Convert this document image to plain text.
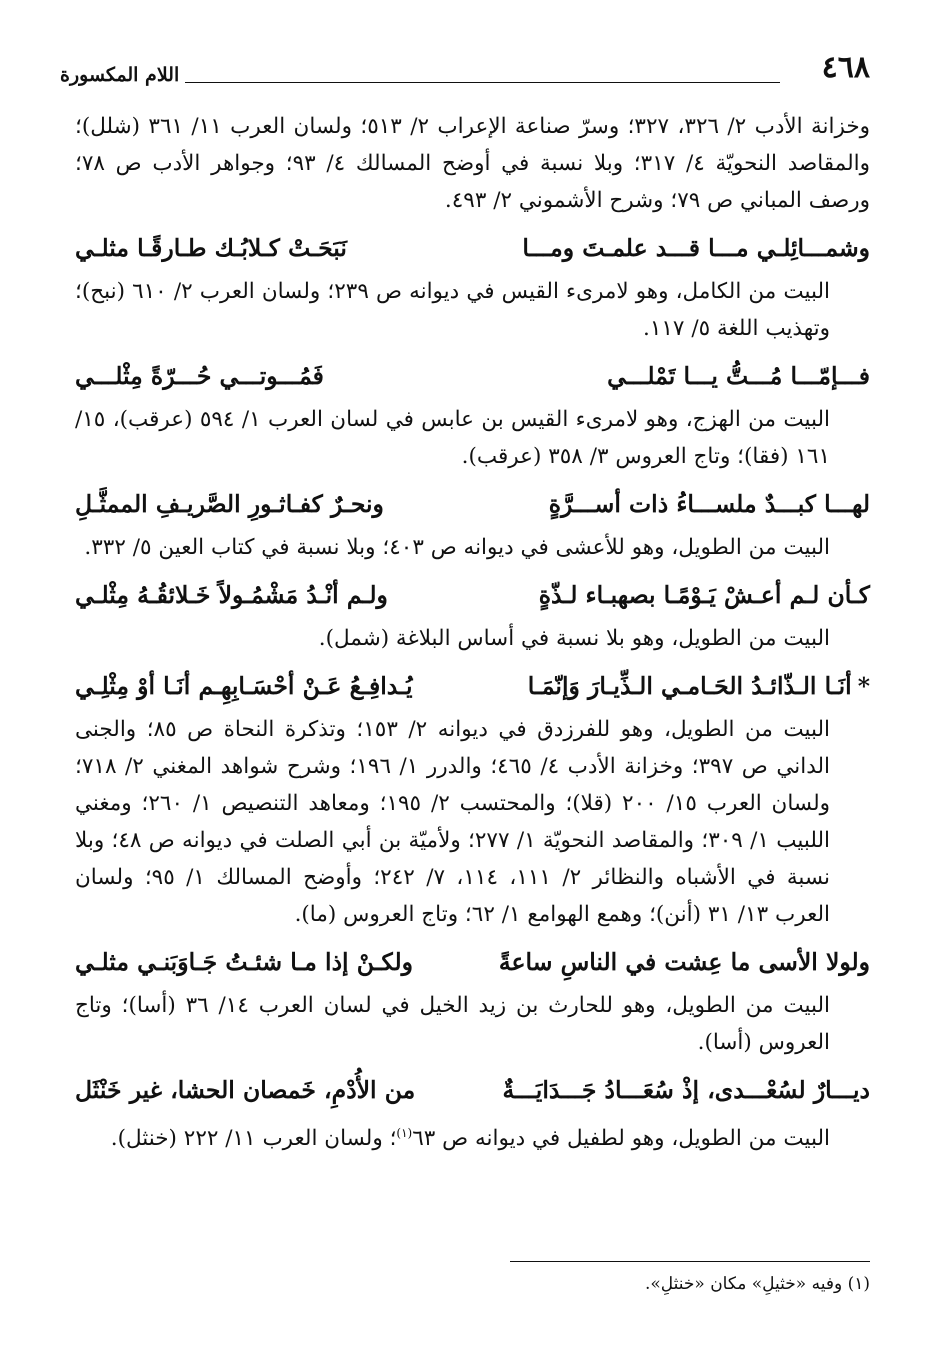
٤٦٨
اللام المكسورة

وخزانة الأدب ٢/ ٣٢٦، ٣٢٧؛ وسرّ صناعة الإعراب ٢/ ٥١٣؛ ولسان العرب ١١/ ٣٦١ (شلل)؛ والمقاصد النحويّة ٤/ ٣١٧؛ وبلا نسبة في أوضح المسالك ٤/ ٩٣؛ وجواهر الأدب ص ٧٨؛ ورصف المباني ص ٧٩؛ وشرح الأشموني ٢/ ٤٩٣.

وشمـــائِلـي مـــا قـــد علمـتَ ومـــا
نَبَحَـتْ كـلابُـك طـارقًـا مثلـي

البيت من الكامل، وهو لامرىء القيس في ديوانه ص ٢٣٩؛ ولسان العرب ٢/ ٦١٠ (نبح)؛ وتهذيب اللغة ٥/ ١١٧.

فـــإمّـــا مُـــتُّ يـــا تَمْلـــي
فَمُـــوتـــي حُـــرّةً مِثْلـــي

البيت من الهزج، وهو لامرىء القيس بن عابس في لسان العرب ١/ ٥٩٤ (عرقب)، ١٥/ ١٦١ (فقا)؛ وتاج العروس ٣/ ٣٥٨ (عرقب).

لهـــا كبـــدٌ ملســـاءُ ذات أســـرَّةٍ
ونحـرٌ كفـاثـورِ الصَّريـفِ الممثَّـلِ

البيت من الطويل، وهو للأعشى في ديوانه ص ٤٠٣؛ وبلا نسبة في كتاب العين ٥/ ٣٣٢.

كـأن لـم أعـشْ يَـوْمًـا بصهبـاء لـذّةٍ
ولـم أنْـدُ مَشْمُـولاً خَـلائقُـهُ مِثْلـي

البيت من الطويل، وهو بلا نسبة في أساس البلاغة (شمل).

*أنَـا الـذّائـدُ الحَـامـي الـذِّيـارَ وَإنّمَـا
يُـدافِـعُ عَـنْ أحْسَـابِهِـم أنَـا أوْ مِثْلِـي

البيت من الطويل، وهو للفرزدق في ديوانه ٢/ ١٥٣؛ وتذكرة النحاة ص ٨٥؛ والجنى الداني ص ٣٩٧؛ وخزانة الأدب ٤/ ٤٦٥؛ والدرر ١/ ١٩٦؛ وشرح شواهد المغني ٢/ ٧١٨؛ ولسان العرب ١٥/ ٢٠٠ (قلا)؛ والمحتسب ٢/ ١٩٥؛ ومعاهد التنصيص ١/ ٢٦٠؛ ومغني اللبيب ١/ ٣٠٩؛ والمقاصد النحويّة ١/ ٢٧٧؛ ولأميّة بن أبي الصلت في ديوانه ص ٤٨؛ وبلا نسبة في الأشباه والنظائر ٢/ ١١١، ١١٤، ٧/ ٢٤٢؛ وأوضح المسالك ١/ ٩٥؛ ولسان العرب ١٣/ ٣١ (أنن)؛ وهمع الهوامع ١/ ٦٢؛ وتاج العروس (ما).

ولولا الأسى ما عِشت في الناسِ ساعةً
ولكـنْ إذا مـا شئـتُ جَـاوَبَنـي مثلـي

البيت من الطويل، وهو للحارث بن زيد الخيل في لسان العرب ١٤/ ٣٦ (أسا)؛ وتاج العروس (أسا).

ديـــارٌ لسُعْـــدى، إذْ سُعَـــادُ جَـــدَايَـــةٌ
من الأُدْمِ، خَمصان الحشا، غير خَنْثَل

البيت من الطويل، وهو لطفيل في ديوانه ص ٦٣$^{(١)}$؛ ولسان العرب ١١/ ٢٢٢ (خنثل).

(١) وفيه «خثيلِ» مكان «خنثلِ».
